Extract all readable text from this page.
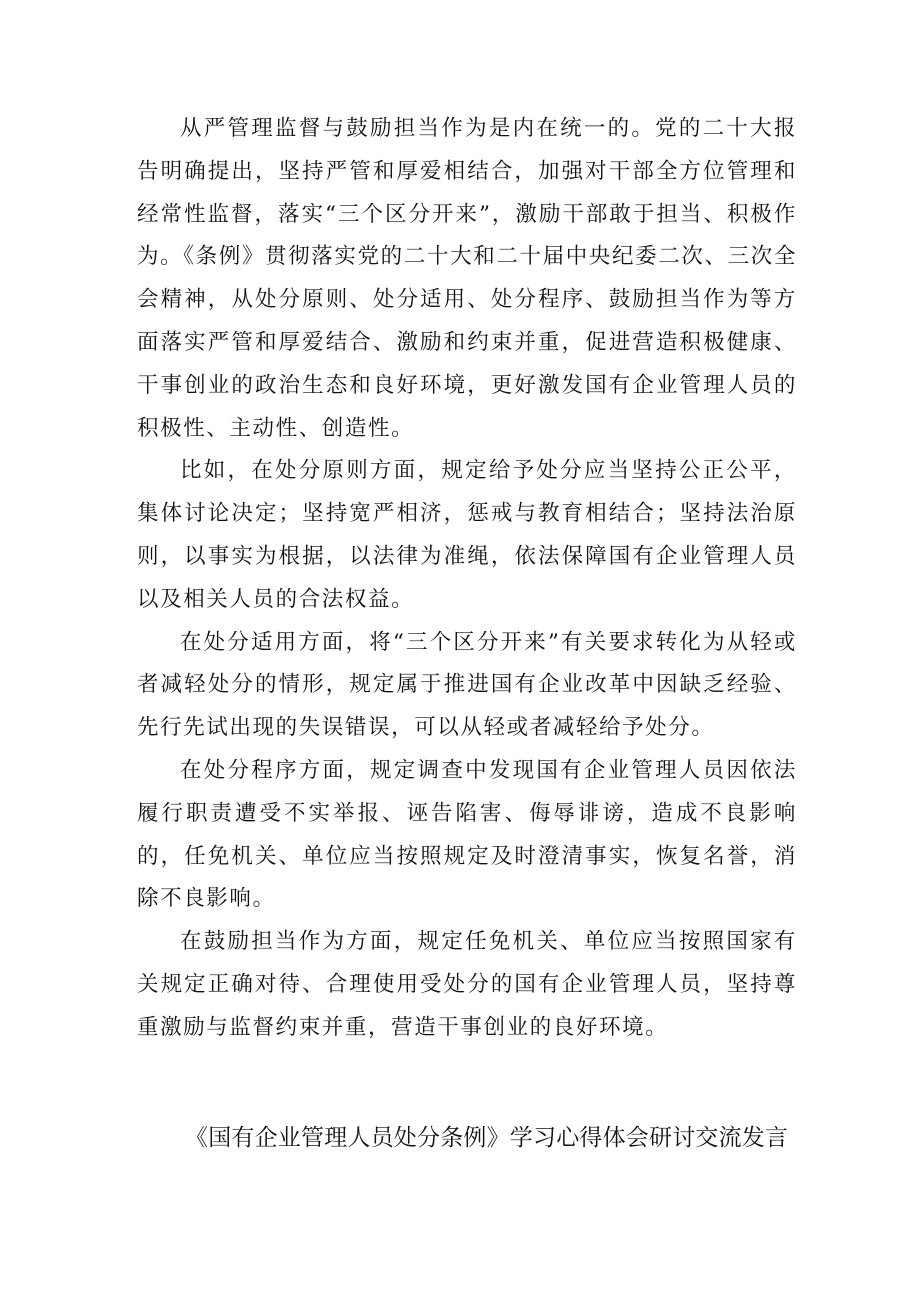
从严管理监督与鼓励担当作为是内在统一的。党的二十大报告明确提出，坚持严管和厚爱相结合，加强对干部全方位管理和经常性监督，落实“三个区分开来”，激励干部敢于担当、积极作为。《条例》贯彻落实党的二十大和二十届中央纪委二次、三次全会精神，从处分原则、处分适用、处分程序、鼓励担当作为等方面落实严管和厚爱结合、激励和约束并重，促进营造积极健康、干事创业的政治生态和良好环境，更好激发国有企业管理人员的积极性、主动性、创造性。

比如，在处分原则方面，规定给予处分应当坚持公正公平，集体讨论决定；坚持宽严相济，惩戒与教育相结合；坚持法治原则，以事实为根据，以法律为准绳，依法保障国有企业管理人员以及相关人员的合法权益。

在处分适用方面，将“三个区分开来”有关要求转化为从轻或者减轻处分的情形，规定属于推进国有企业改革中因缺乏经验、先行先试出现的失误错误，可以从轻或者减轻给予处分。

在处分程序方面，规定调查中发现国有企业管理人员因依法履行职责遭受不实举报、诬告陷害、侮辱诽谤，造成不良影响的，任免机关、单位应当按照规定及时澄清事实，恢复名誉，消除不良影响。

在鼓励担当作为方面，规定任免机关、单位应当按照国家有关规定正确对待、合理使用受处分的国有企业管理人员，坚持尊重激励与监督约束并重，营造干事创业的良好环境。

《国有企业管理人员处分条例》学习心得体会研讨交流发言
